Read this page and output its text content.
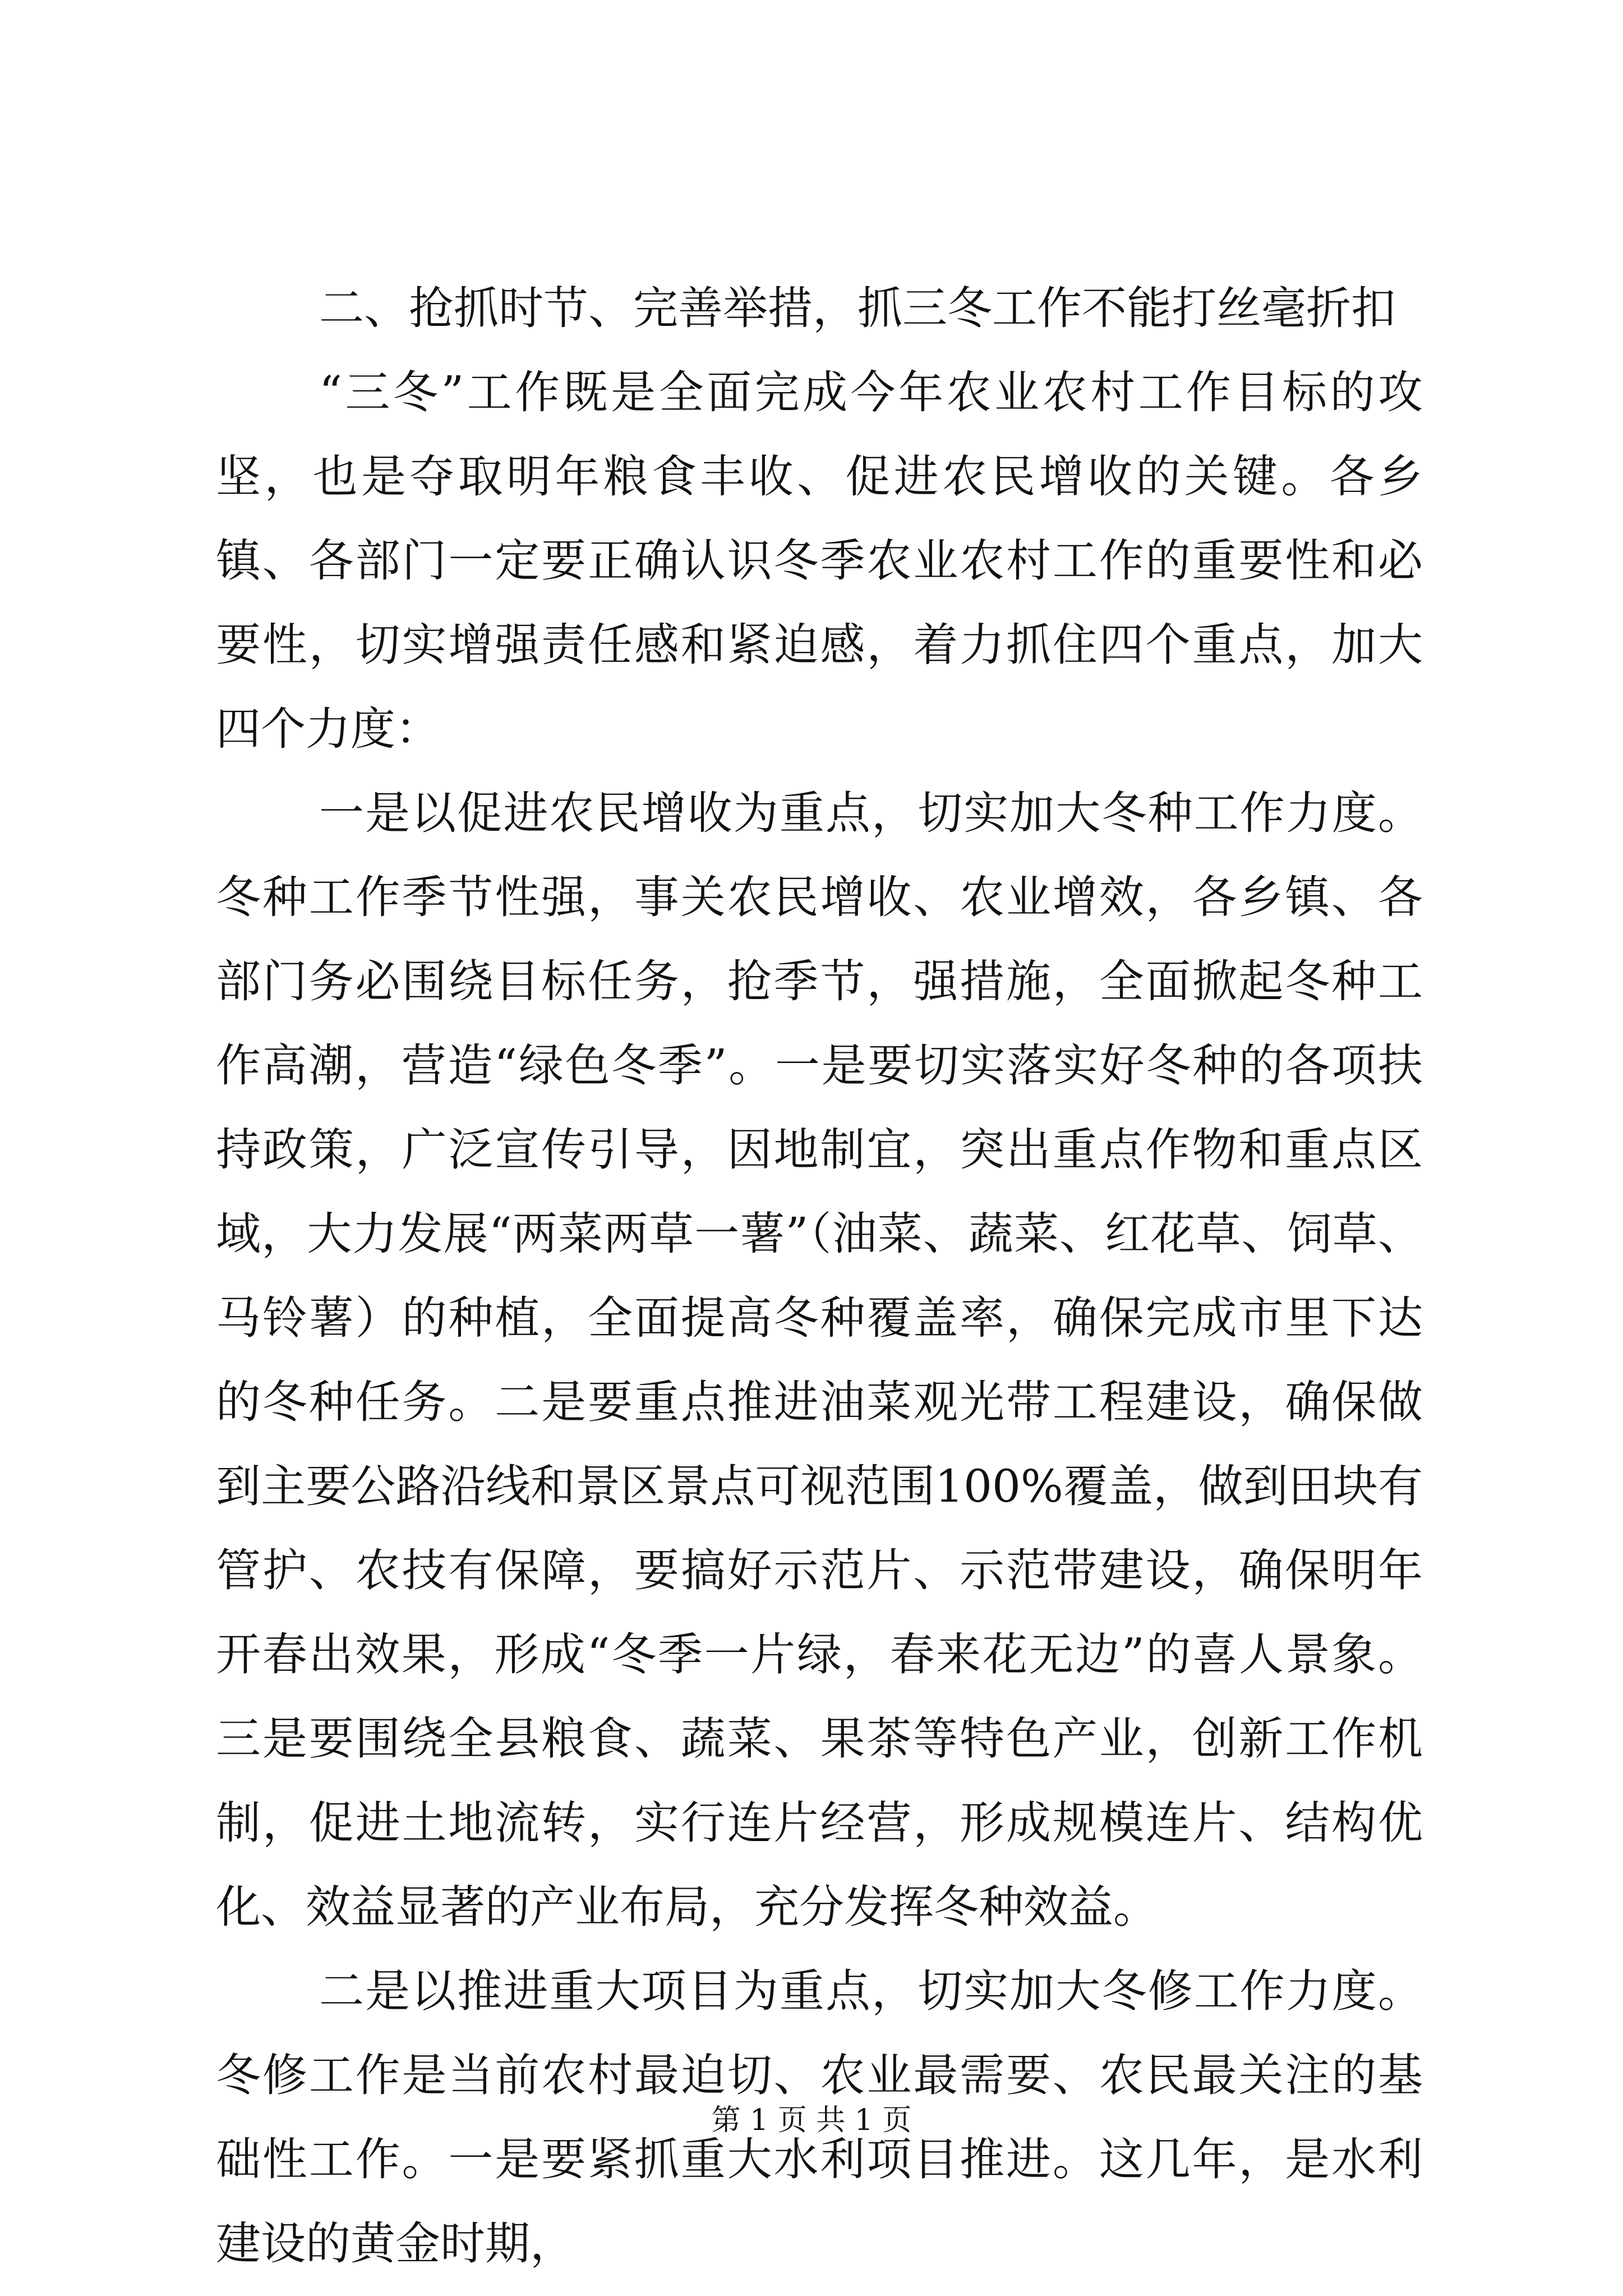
二、抢抓时节、完善举措，抓三冬工作不能打丝毫折扣

“三冬”工作既是全面完成今年农业农村工作目标的攻坚，也是夺取明年粮食丰收、促进农民增收的关键。各乡镇、各部门一定要正确认识冬季农业农村工作的重要性和必要性，切实增强责任感和紧迫感，着力抓住四个重点，加大四个力度：

一是以促进农民增收为重点，切实加大冬种工作力度。冬种工作季节性强，事关农民增收、农业增效，各乡镇、各部门务必围绕目标任务，抢季节，强措施，全面掀起冬种工作高潮，营造“绿色冬季”。一是要切实落实好冬种的各项扶持政策，广泛宣传引导，因地制宜，突出重点作物和重点区域，大力发展“两菜两草一薯”（油菜、蔬菜、红花草、饲草、马铃薯）的种植，全面提高冬种覆盖率，确保完成市里下达的冬种任务。二是要重点推进油菜观光带工程建设，确保做到主要公路沿线和景区景点可视范围100%覆盖，做到田块有管护、农技有保障，要搞好示范片、示范带建设，确保明年开春出效果，形成“冬季一片绿，春来花无边”的喜人景象。三是要围绕全县粮食、蔬菜、果茶等特色产业，创新工作机制，促进土地流转，实行连片经营，形成规模连片、结构优化、效益显著的产业布局，充分发挥冬种效益。

二是以推进重大项目为重点，切实加大冬修工作力度。冬修工作是当前农村最迫切、农业最需要、农民最关注的基础性工作。一是要紧抓重大水利项目推进。这几年，是水利建设的黄金时期，

第 1 页 共 1 页
